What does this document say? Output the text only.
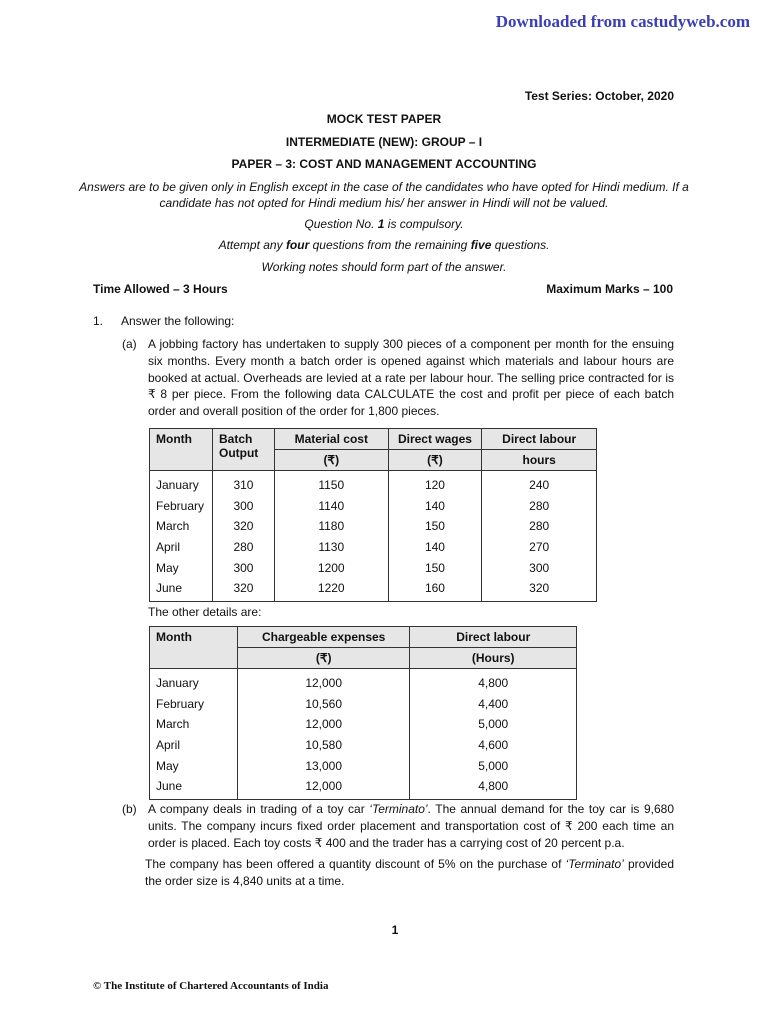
Downloaded from castudyweb.com
Test Series: October, 2020
MOCK TEST PAPER
INTERMEDIATE (NEW): GROUP – I
PAPER – 3: COST AND MANAGEMENT ACCOUNTING
Answers are to be given only in English except in the case of the candidates who have opted for Hindi medium. If a
candidate has not opted for Hindi medium his/ her answer in Hindi will not be valued.
Question No. 1 is compulsory.
Attempt any four questions from the remaining five questions.
Working notes should form part of the answer.
Time Allowed – 3 Hours	Maximum Marks – 100
1. Answer the following:
(a) A jobbing factory has undertaken to supply 300 pieces of a component per month for the ensuing six months. Every month a batch order is opened against which materials and labour hours are booked at actual. Overheads are levied at a rate per labour hour. The selling price contracted for is ₹ 8 per piece. From the following data CALCULATE the cost and profit per piece of each batch order and overall position of the order for 1,800 pieces.
Month	Batch Output	Material cost	Direct wages	Direct labour
		(₹)	(₹)	hours
January	310	1150	120	240
February	300	1140	140	280
March	320	1180	150	280
April	280	1130	140	270
May	300	1200	150	300
June	320	1220	160	320
The other details are:
Month	Chargeable expenses	Direct labour
	(₹)	(Hours)
January	12,000	4,800
February	10,560	4,400
March	12,000	5,000
April	10,580	4,600
May	13,000	5,000
June	12,000	4,800
(b) A company deals in trading of a toy car ‘Terminato’. The annual demand for the toy car is 9,680 units. The company incurs fixed order placement and transportation cost of ₹ 200 each time an order is placed. Each toy costs ₹ 400 and the trader has a carrying cost of 20 percent p.a.
The company has been offered a quantity discount of 5% on the purchase of ‘Terminato’ provided the order size is 4,840 units at a time.
1
© The Institute of Chartered Accountants of India
